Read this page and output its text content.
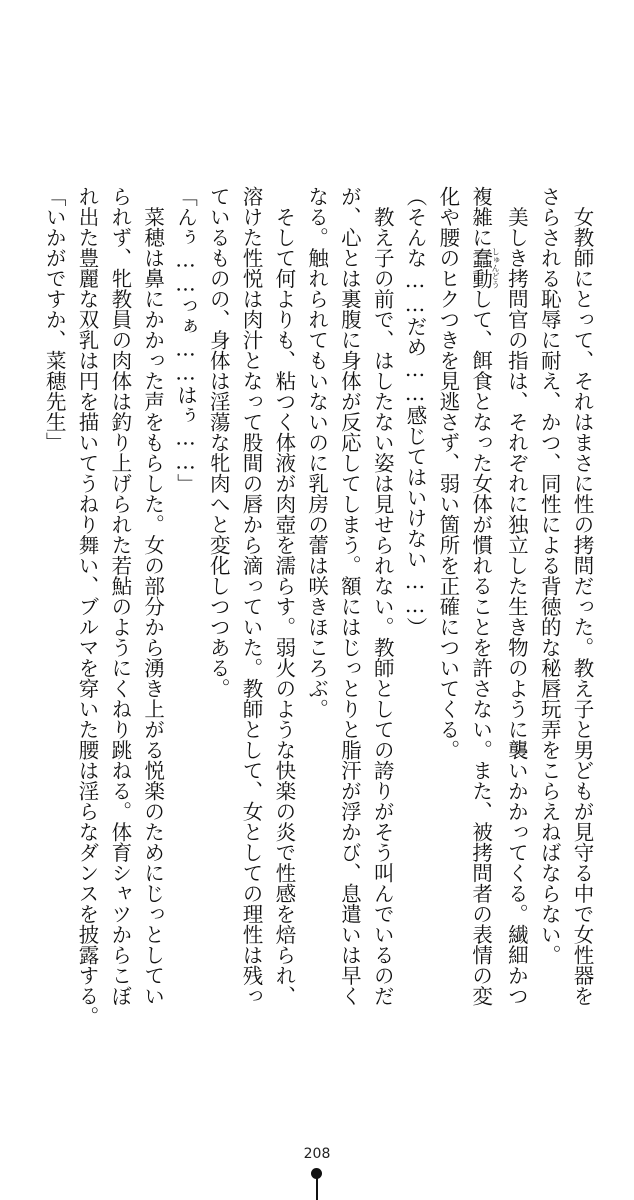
　女教師にとって、それはまさに性の拷問だった。教え子と男どもが見守る中で女性器を
さらされる恥辱に耐え、かつ、同性による背徳的な秘唇玩弄をこらえねばならない。
　美しき拷問官の指は、それぞれに独立した生き物のように襲いかかってくる。繊細かつ
複雑に蠢動しゅんどうして、餌食となった女体が慣れることを許さない。また、被拷問者の表情の変
化や腰のヒクつきを見逃さず、弱い箇所を正確についてくる。
（そんな……だめ……感じてはいけない……）
　教え子の前で、はしたない姿は見せられない。教師としての誇りがそう叫んでいるのだ
が、心とは裏腹に身体が反応してしまう。額にはじっとりと脂汗が浮かび、息遣いは早く
なる。触れられてもいないのに乳房の蕾は咲きほころぶ。
　そして何よりも、粘つく体液が肉壺を濡らす。弱火のような快楽の炎で性感を焙られ、
溶けた性悦は肉汁となって股間の唇から滴っていた。教師として、女としての理性は残っ
ているものの、身体は淫蕩な牝肉へと変化しつつある。
「んぅ……っぁ……はぅ……」
　菜穂は鼻にかかった声をもらした。女の部分から湧き上がる悦楽のためにじっとしてい
られず、牝教員の肉体は釣り上げられた若鮎のようにくねり跳ねる。体育シャツからこぼ
れ出た豊麗な双乳は円を描いてうねり舞い、ブルマを穿いた腰は淫らなダンスを披露する。
「いかがですか、菜穂先生」
208
